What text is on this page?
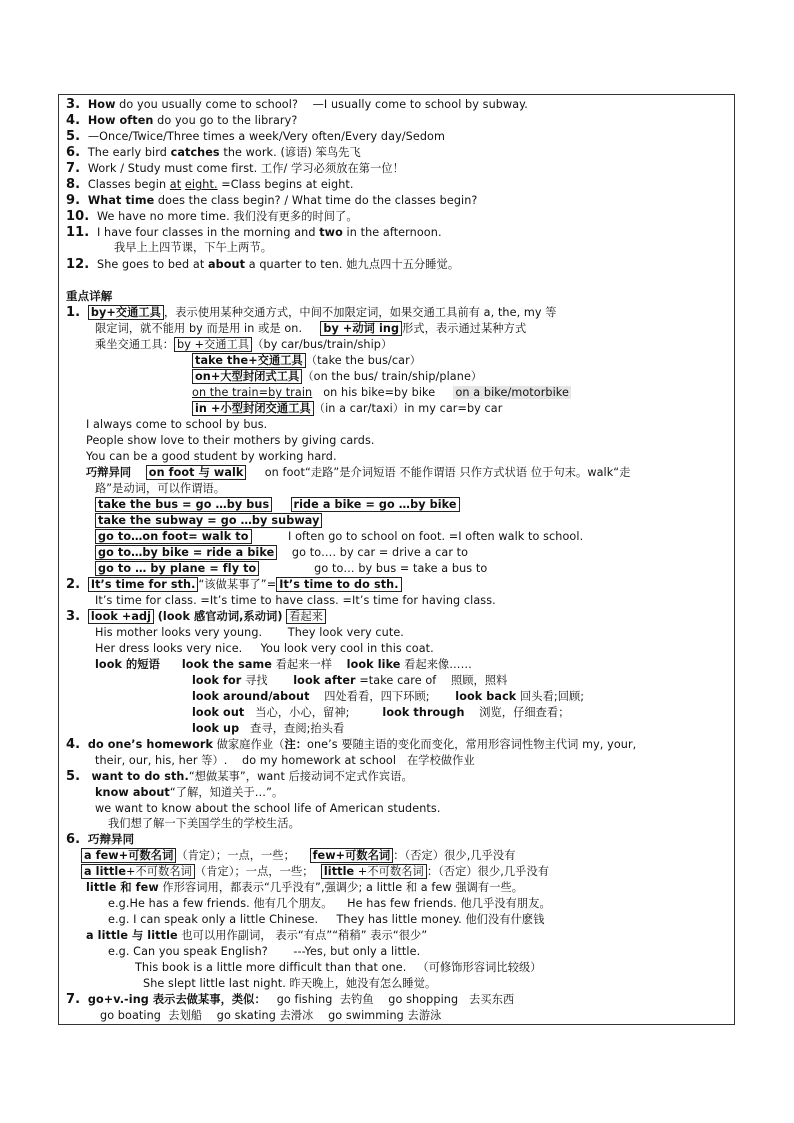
3. How do you usually come to school?    —I usually come to school by subway.
4. How often do you go to the library?
5. —Once/Twice/Three times a week/Very often/Every day/Sedom
6. The early bird catches the work. (谚语) 笨鸟先飞
7. Work / Study must come first. 工作/ 学习必须放在第一位！
8. Classes begin at eight. =Class begins at eight.
9. What time does the class begin? / What time do the classes begin?
10. We have no more time. 我们没有更多的时间了。
11. I have four classes in the morning and two in the afternoon.
我早上上四节课，下午上两节。
12. She goes to bed at about a quarter to ten. 她九点四十五分睡觉。
重点详解
1. by+交通工具 ，表示使用某种交通方式，中间不加限定词，如果交通工具前有 a, the, my 等
限定词，就不能用 by 而是用 in 或是 on.     by +动词 ing 形式，表示通过某种方式
乘坐交通工具： by +交通工具 （by car/bus/train/ship）
take the+交通工具 （take the bus/car）
on+大型封闭式工具 （on the bus/ train/ship/plane）
on the train=by train   on his bike=by bike     on a bike/motorbike
in +小型封闭交通工具 （in a car/taxi）in my car=by car
I always come to school by bus.
People show love to their mothers by giving cards.
You can be a good student by working hard.
巧辩异同 on foot 与 walk     on foot“走路”是介词短语 不能作谓语 只作方式状语 位于句末。walk“走
路”是动词，可以作谓语。
take the bus = go …by bus ride a bike = go …by bike
take the subway = go …by subway
go to…on foot= walk to          I often go to school on foot. =I often walk to school.
go to…by bike = ride a bike    go to…. by car = drive a car to
go to … by plane = fly to               go to… by bus = take a bus to
2. It’s time for sth. “该做某事了”= It’s time to do sth.
It’s time for class. =It’s time to have class. =It’s time for having class.
3. look +adj (look 感官动词,系动词) 看起来
His mother looks very young.       They look very cute.
Her dress looks very nice.     You look very cool in this coat.
look 的短语 look the same 看起来一样    look like 看起来像……
look for 寻找       look after =take care of    照顾，照料
look around/about    四处看看，四下环顾;       look back 回头看;回顾;
look out   当心，小心，留神;         look through    浏览，仔细查看；
look up   查寻，查阅;抬头看
4. do one’s homework 做家庭作业（注：one’s 要随主语的变化而变化，常用形容词性物主代词 my, your,
their, our, his, her 等）.    do my homework at school   在学校做作业
5. want to do sth.“想做某事”，want 后接动词不定式作宾语。
know about“了解，知道关于…”。
we want to know about the school life of American students.
我们想了解一下美国学生的学校生活。
6. 巧辩异同
a few+可数名词 （肯定）；一点，一些；    few+可数名词 ：（否定）很少,几乎没有
a little+不可数名词 （肯定）；一点，一些；  little +不可数名词 ：（否定）很少,几乎没有
little 和 few 作形容词用，都表示“几乎没有”,强调少; a little 和 a few 强调有一些。
e.g.He has a few friends. 他有几个朋友。    He has few friends. 他几乎没有朋友。
e.g. I can speak only a little Chinese.     They has little money. 他们没有什麽钱
a little 与 little 也可以用作副词， 表示“有点”“稍稍” 表示“很少”
e.g. Can you speak English?       ---Yes, but only a little.
This book is a little more difficult than that one.   （可修饰形容词比较级）
She slept little last night. 昨天晚上，她没有怎么睡觉。
7. go+v.-ing 表示去做某事，类似：   go fishing  去钓鱼    go shopping   去买东西
go boating  去划船    go skating 去滑冰    go swimming 去游泳
